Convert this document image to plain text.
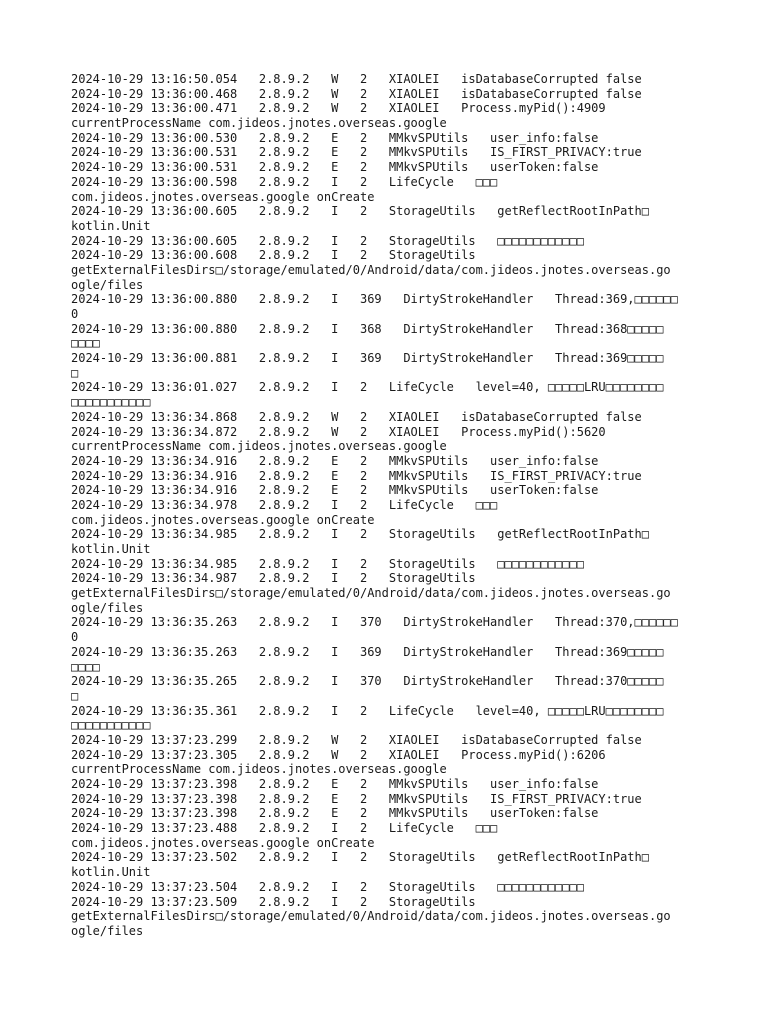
2024-10-29 13:16:50.054   2.8.9.2   W   2   XIAOLEI   isDatabaseCorrupted false
2024-10-29 13:36:00.468   2.8.9.2   W   2   XIAOLEI   isDatabaseCorrupted false
2024-10-29 13:36:00.471   2.8.9.2   W   2   XIAOLEI   Process.myPid():4909
currentProcessName com.jideos.jnotes.overseas.google
2024-10-29 13:36:00.530   2.8.9.2   E   2   MMkvSPUtils   user_info:false
2024-10-29 13:36:00.531   2.8.9.2   E   2   MMkvSPUtils   IS_FIRST_PRIVACY:true
2024-10-29 13:36:00.531   2.8.9.2   E   2   MMkvSPUtils   userToken:false
2024-10-29 13:36:00.598   2.8.9.2   I   2   LifeCycle   □□□
com.jideos.jnotes.overseas.google onCreate
2024-10-29 13:36:00.605   2.8.9.2   I   2   StorageUtils   getReflectRootInPath□
kotlin.Unit
2024-10-29 13:36:00.605   2.8.9.2   I   2   StorageUtils   □□□□□□□□□□□□
2024-10-29 13:36:00.608   2.8.9.2   I   2   StorageUtils
getExternalFilesDirs□/storage/emulated/0/Android/data/com.jideos.jnotes.overseas.go
ogle/files
2024-10-29 13:36:00.880   2.8.9.2   I   369   DirtyStrokeHandler   Thread:369,□□□□□□
0
2024-10-29 13:36:00.880   2.8.9.2   I   368   DirtyStrokeHandler   Thread:368□□□□□
□□□□
2024-10-29 13:36:00.881   2.8.9.2   I   369   DirtyStrokeHandler   Thread:369□□□□□
□
2024-10-29 13:36:01.027   2.8.9.2   I   2   LifeCycle   level=40, □□□□□LRU□□□□□□□□
□□□□□□□□□□□
2024-10-29 13:36:34.868   2.8.9.2   W   2   XIAOLEI   isDatabaseCorrupted false
2024-10-29 13:36:34.872   2.8.9.2   W   2   XIAOLEI   Process.myPid():5620
currentProcessName com.jideos.jnotes.overseas.google
2024-10-29 13:36:34.916   2.8.9.2   E   2   MMkvSPUtils   user_info:false
2024-10-29 13:36:34.916   2.8.9.2   E   2   MMkvSPUtils   IS_FIRST_PRIVACY:true
2024-10-29 13:36:34.916   2.8.9.2   E   2   MMkvSPUtils   userToken:false
2024-10-29 13:36:34.978   2.8.9.2   I   2   LifeCycle   □□□
com.jideos.jnotes.overseas.google onCreate
2024-10-29 13:36:34.985   2.8.9.2   I   2   StorageUtils   getReflectRootInPath□
kotlin.Unit
2024-10-29 13:36:34.985   2.8.9.2   I   2   StorageUtils   □□□□□□□□□□□□
2024-10-29 13:36:34.987   2.8.9.2   I   2   StorageUtils
getExternalFilesDirs□/storage/emulated/0/Android/data/com.jideos.jnotes.overseas.go
ogle/files
2024-10-29 13:36:35.263   2.8.9.2   I   370   DirtyStrokeHandler   Thread:370,□□□□□□
0
2024-10-29 13:36:35.263   2.8.9.2   I   369   DirtyStrokeHandler   Thread:369□□□□□
□□□□
2024-10-29 13:36:35.265   2.8.9.2   I   370   DirtyStrokeHandler   Thread:370□□□□□
□
2024-10-29 13:36:35.361   2.8.9.2   I   2   LifeCycle   level=40, □□□□□LRU□□□□□□□□
□□□□□□□□□□□
2024-10-29 13:37:23.299   2.8.9.2   W   2   XIAOLEI   isDatabaseCorrupted false
2024-10-29 13:37:23.305   2.8.9.2   W   2   XIAOLEI   Process.myPid():6206
currentProcessName com.jideos.jnotes.overseas.google
2024-10-29 13:37:23.398   2.8.9.2   E   2   MMkvSPUtils   user_info:false
2024-10-29 13:37:23.398   2.8.9.2   E   2   MMkvSPUtils   IS_FIRST_PRIVACY:true
2024-10-29 13:37:23.398   2.8.9.2   E   2   MMkvSPUtils   userToken:false
2024-10-29 13:37:23.488   2.8.9.2   I   2   LifeCycle   □□□
com.jideos.jnotes.overseas.google onCreate
2024-10-29 13:37:23.502   2.8.9.2   I   2   StorageUtils   getReflectRootInPath□
kotlin.Unit
2024-10-29 13:37:23.504   2.8.9.2   I   2   StorageUtils   □□□□□□□□□□□□
2024-10-29 13:37:23.509   2.8.9.2   I   2   StorageUtils
getExternalFilesDirs□/storage/emulated/0/Android/data/com.jideos.jnotes.overseas.go
ogle/files
